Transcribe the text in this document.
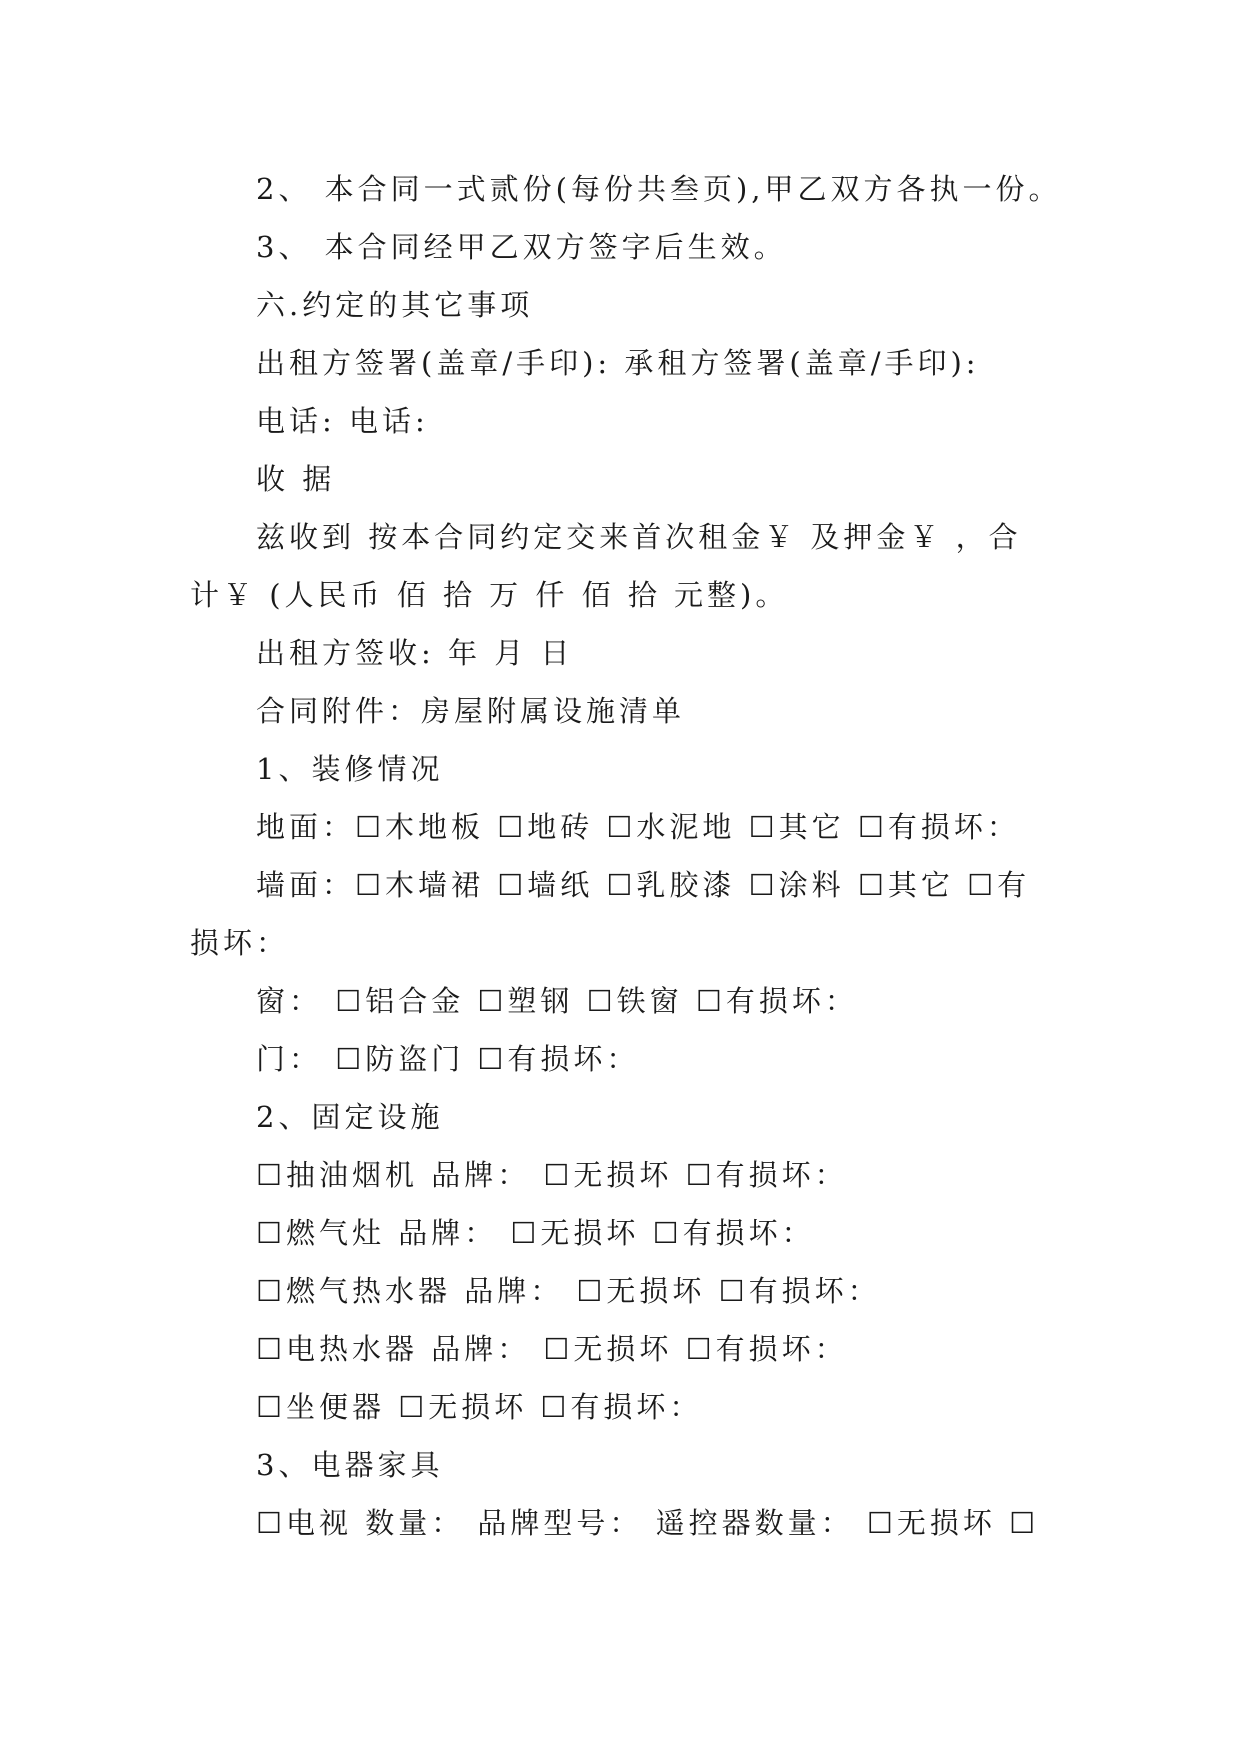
2、 本合同一式贰份(每份共叁页),甲乙双方各执一份。
3、 本合同经甲乙双方签字后生效。
六.约定的其它事项
出租方签署(盖章/手印): 承租方签署(盖章/手印):
电话: 电话:
收 据
兹收到 按本合同约定交来首次租金￥ 及押金￥ ，合计￥ (人民币 佰 拾 万 仟 佰 拾 元整)。
出租方签收: 年 月 日
合同附件：房屋附属设施清单
1、装修情况
地面：☐木地板 ☐地砖 ☐水泥地 ☐其它 ☐有损坏：
墙面：☐木墙裙 ☐墙纸 ☐乳胶漆 ☐涂料 ☐其它 ☐有损坏：
窗： ☐铝合金 ☐塑钢 ☐铁窗 ☐有损坏：
门： ☐防盗门 ☐有损坏：
2、固定设施
☐抽油烟机 品牌： ☐无损坏 ☐有损坏：
☐燃气灶 品牌： ☐无损坏 ☐有损坏：
☐燃气热水器 品牌： ☐无损坏 ☐有损坏：
☐电热水器 品牌： ☐无损坏 ☐有损坏：
☐坐便器 ☐无损坏 ☐有损坏：
3、电器家具
☐电视 数量： 品牌型号： 遥控器数量： ☐无损坏 ☐
